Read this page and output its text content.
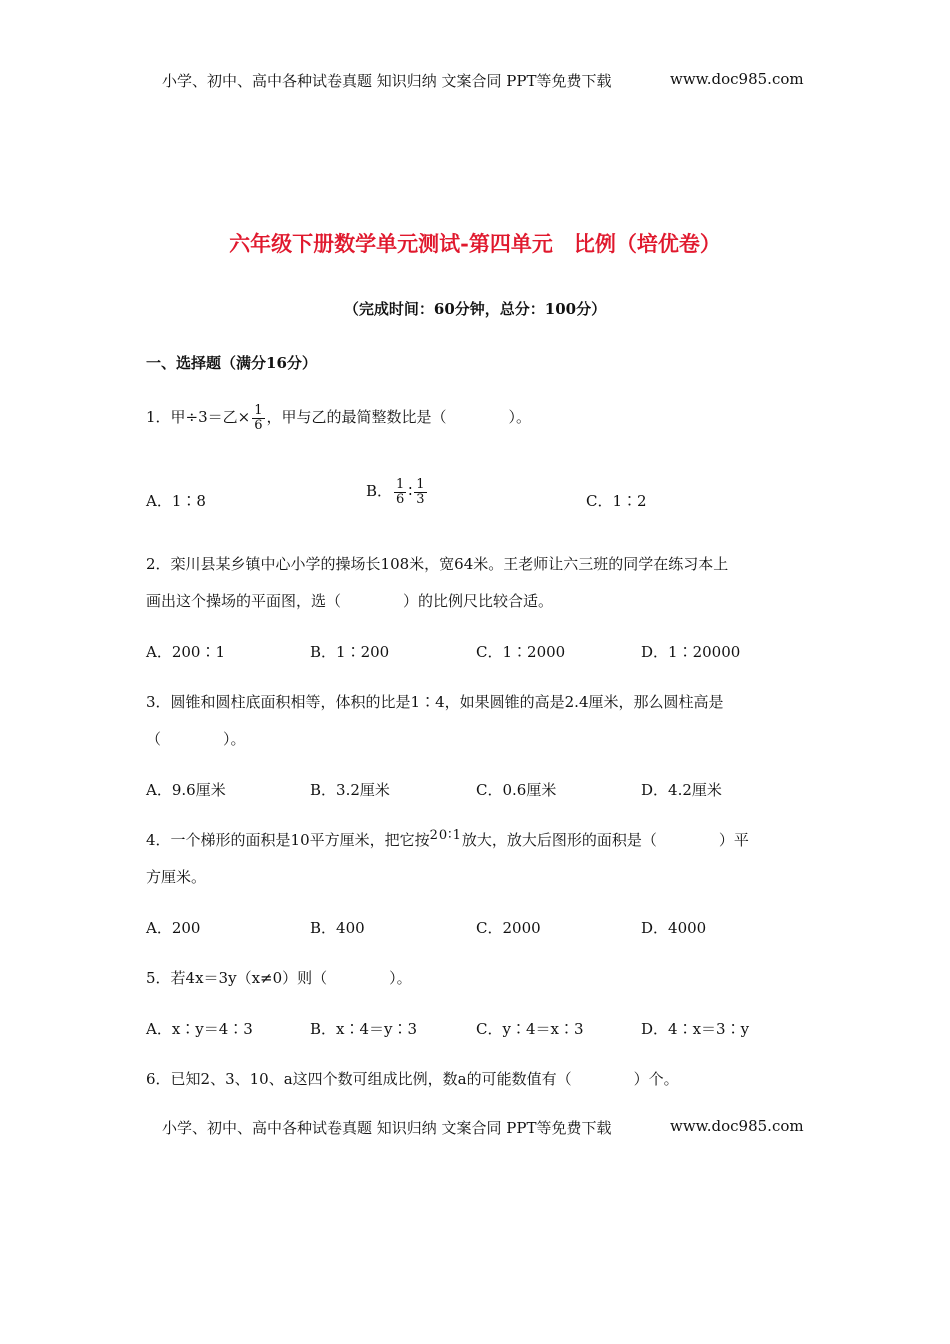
小学、初中、高中各种试卷真题 知识归纳 文案合同 PPT等免费下载	www.doc985.com
六年级下册数学单元测试-第四单元　比例（培优卷）
（完成时间：60分钟，总分：100分）
一、选择题（满分16分）
1．甲÷3＝乙× $\frac{1}{6}$ ，甲与乙的最简整数比是（	）。
A．1∶8
B． $\frac{1}{6}$ ∶ $\frac{1}{3}$	C．1∶2
2．栾川县某乡镇中心小学的操场长108米，宽64米。王老师让六三班的同学在练习本上
画出这个操场的平面图，选（	）的比例尺比较合适。
A．200∶1	B．1∶200	C．1∶2000	D．1∶20000
3．圆锥和圆柱底面积相等，体积的比是1∶4，如果圆锥的高是2.4厘米，那么圆柱高是
（	）。
A．9.6厘米	B．3.2厘米	C．0.6厘米	D．4.2厘米
4．一个梯形的面积是10平方厘米，把它按20∶1放大，放大后图形的面积是（	）平
方厘米。
A．200	B．400	C．2000	D．4000
5．若4x＝3y（x≠0）则（	）。
A．x∶y＝4∶3	B．x∶4＝y∶3	C．y∶4＝x∶3	D．4∶x＝3∶y
6．已知2、3、10、a这四个数可组成比例，数a的可能数值有（	）个。
小学、初中、高中各种试卷真题 知识归纳 文案合同 PPT等免费下载	www.doc985.com
